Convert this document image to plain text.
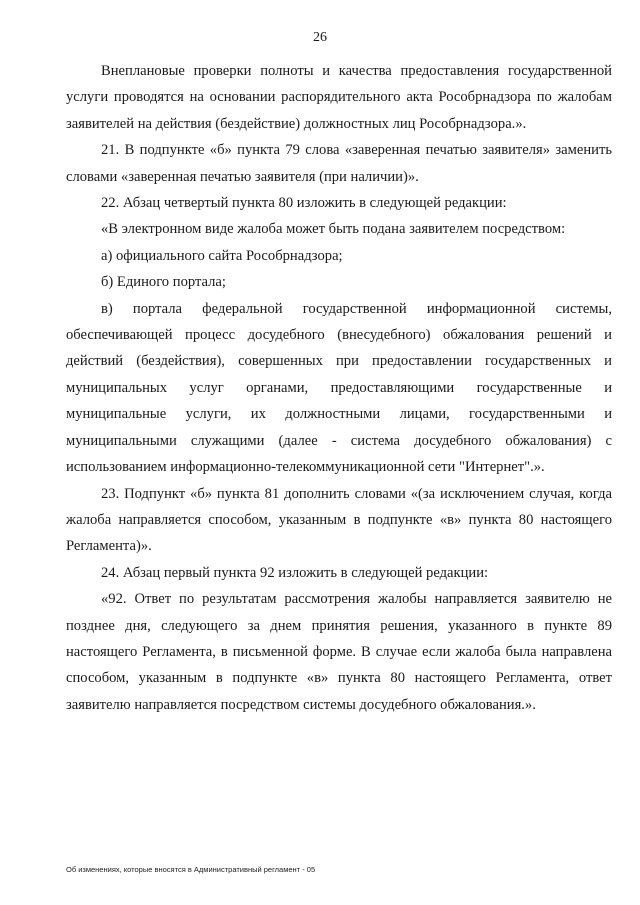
26

Внеплановые проверки полноты и качества предоставления государственной услуги проводятся на основании распорядительного акта Рособрнадзора по жалобам заявителей на действия (бездействие) должностных лиц Рособрнадзора.».

21. В подпункте «б» пункта 79 слова «заверенная печатью заявителя» заменить словами «заверенная печатью заявителя (при наличии)».

22. Абзац четвертый пункта 80 изложить в следующей редакции:

«В электронном виде жалоба может быть подана заявителем посредством:

а) официального сайта Рособрнадзора;

б) Единого портала;

в) портала федеральной государственной информационной системы, обеспечивающей процесс досудебного (внесудебного) обжалования решений и действий (бездействия), совершенных при предоставлении государственных и муниципальных услуг органами, предоставляющими государственные и муниципальные услуги, их должностными лицами, государственными и муниципальными служащими (далее - система досудебного обжалования) с использованием информационно-телекоммуникационной сети "Интернет".».

23. Подпункт «б» пункта 81 дополнить словами «(за исключением случая, когда жалоба направляется способом, указанным в подпункте «в» пункта 80 настоящего Регламента)».

24. Абзац первый пункта 92 изложить в следующей редакции:

«92. Ответ по результатам рассмотрения жалобы направляется заявителю не позднее дня, следующего за днем принятия решения, указанного в пункте 89 настоящего Регламента, в письменной форме. В случае если жалоба была направлена способом, указанным в подпункте «в» пункта 80 настоящего Регламента, ответ заявителю направляется посредством системы досудебного обжалования.».

Об изменениях, которые вносятся в Административный регламент - 05
